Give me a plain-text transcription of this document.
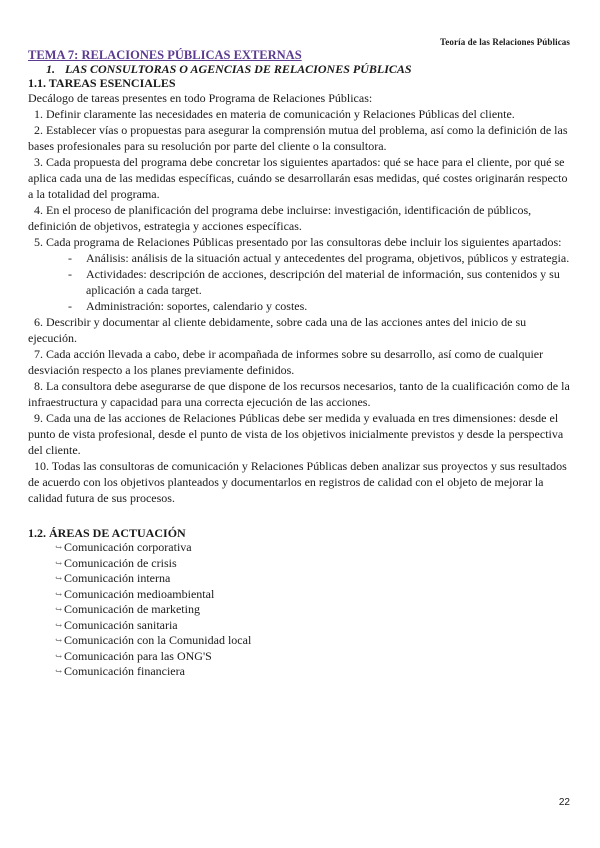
Teoría de las Relaciones Públicas
TEMA 7: RELACIONES PÚBLICAS EXTERNAS
1. LAS CONSULTORAS O AGENCIAS DE RELACIONES PÚBLICAS
1.1. TAREAS ESENCIALES

Decálogo de tareas presentes en todo Programa de Relaciones Públicas:

1. Definir claramente las necesidades en materia de comunicación y Relaciones Públicas del cliente.

2. Establecer vías o propuestas para asegurar la comprensión mutua del problema, así como la definición de las bases profesionales para su resolución por parte del cliente o la consultora.

3. Cada propuesta del programa debe concretar los siguientes apartados: qué se hace para el cliente, por qué se aplica cada una de las medidas específicas, cuándo se desarrollarán esas medidas, qué costes originarán respecto a la totalidad del programa.

4. En el proceso de planificación del programa debe incluirse: investigación, identificación de públicos, definición de objetivos, estrategia y acciones específicas.

5. Cada programa de Relaciones Públicas presentado por las consultoras debe incluir los siguientes apartados:

-	Análisis: análisis de la situación actual y antecedentes del programa, objetivos, públicos y estrategia.
-	Actividades: descripción de acciones, descripción del material de información, sus contenidos y su aplicación a cada target.
-	Administración: soportes, calendario y costes.

6. Describir y documentar al cliente debidamente, sobre cada una de las acciones antes del inicio de su ejecución.

7. Cada acción llevada a cabo, debe ir acompañada de informes sobre su desarrollo, así como de cualquier desviación respecto a los planes previamente definidos.

8. La consultora debe asegurarse de que dispone de los recursos necesarios, tanto de la cualificación como de la infraestructura y capacidad para una correcta ejecución de las acciones.

9. Cada una de las acciones de Relaciones Públicas debe ser medida y evaluada en tres dimensiones: desde el punto de vista profesional, desde el punto de vista de los objetivos inicialmente previstos y desde la perspectiva del cliente.

10. Todas las consultoras de comunicación y Relaciones Públicas deben analizar sus proyectos y sus resultados de acuerdo con los objetivos planteados y documentarlos en registros de calidad con el objeto de mejorar la calidad futura de sus procesos.

1.2. ÁREAS DE ACTUACIÓN
↪ Comunicación corporativa
↪ Comunicación de crisis
↪ Comunicación interna
↪ Comunicación medioambiental
↪ Comunicación de marketing
↪ Comunicación sanitaria
↪ Comunicación con la Comunidad local
↪ Comunicación para las ONG'S
↪ Comunicación financiera
22
